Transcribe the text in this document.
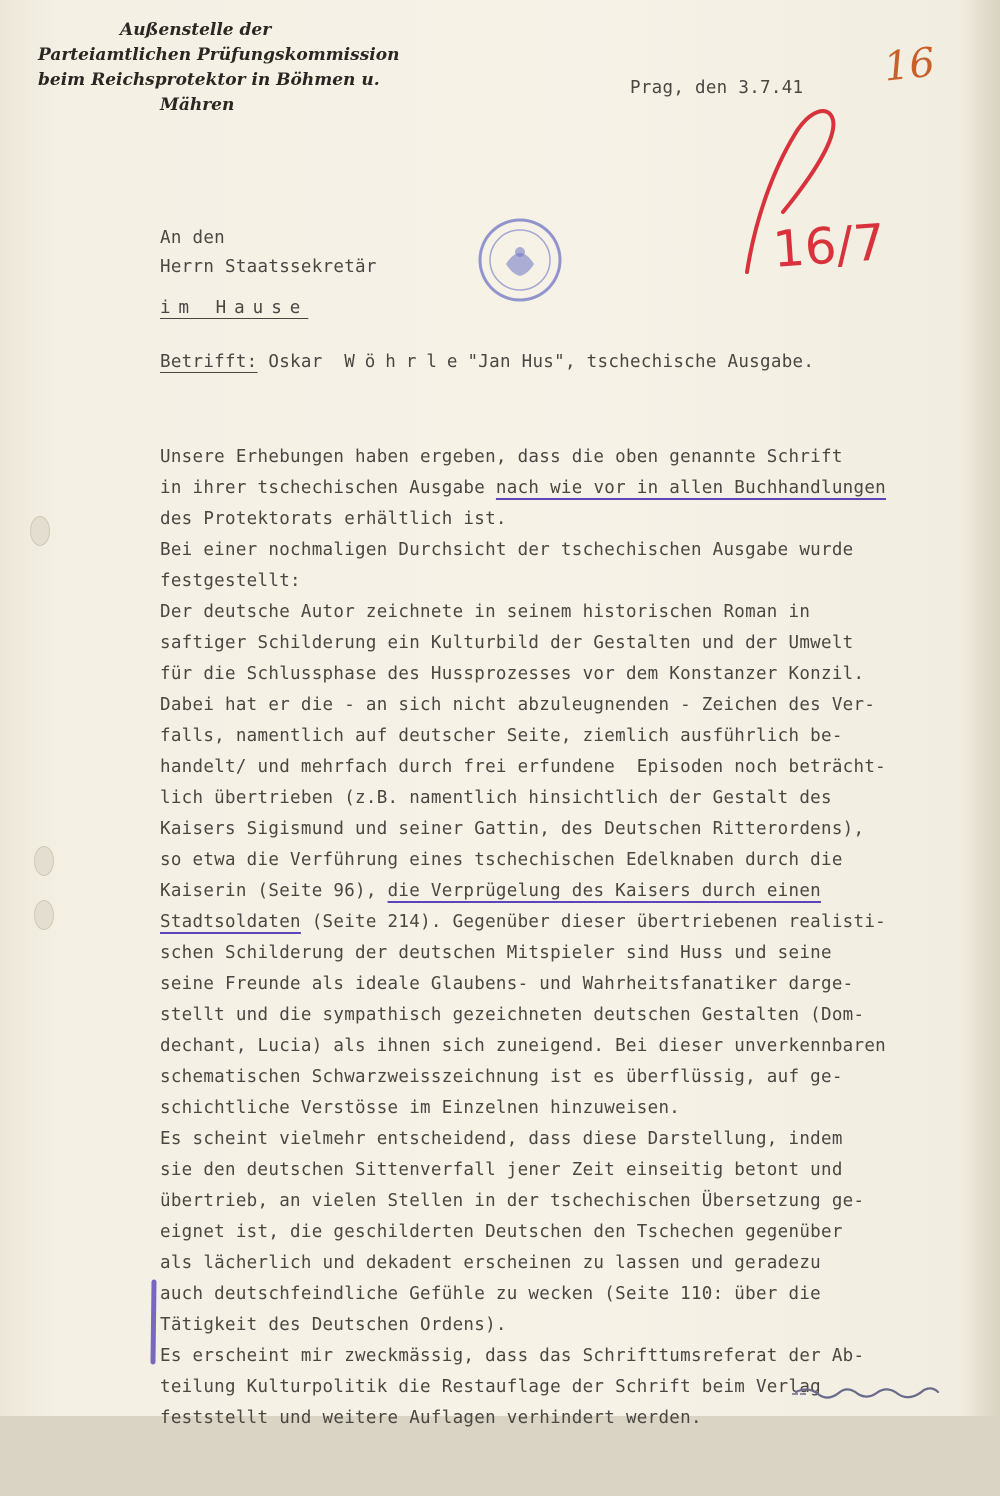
Außenstelle der
Parteiamtlichen Prüfungskommission
beim Reichsprotektor in Böhmen u.
Mähren
Prag, den 3.7.41 16
16/7
An den
Herrn Staatssekretär
im Hause
Betrifft: Oskar Wöhrle"Jan Hus", tschechische Ausgabe.

Unsere Erhebungen haben ergeben, dass die oben genannte Schrift
in ihrer tschechischen Ausgabe nach wie vor in allen Buchhandlungen
des Protektorats erhältlich ist.
Bei einer nochmaligen Durchsicht der tschechischen Ausgabe wurde
festgestellt:
Der deutsche Autor zeichnete in seinem historischen Roman in
saftiger Schilderung ein Kulturbild der Gestalten und der Umwelt
für die Schlussphase des Hussprozesses vor dem Konstanzer Konzil.
Dabei hat er die - an sich nicht abzuleugnenden - Zeichen des Ver-
falls, namentlich auf deutscher Seite, ziemlich ausführlich be-
handelt/ und mehrfach durch frei erfundene  Episoden noch beträcht-
lich übertrieben (z.B. namentlich hinsichtlich der Gestalt des
Kaisers Sigismund und seiner Gattin, des Deutschen Ritterordens),
so etwa die Verführung eines tschechischen Edelknaben durch die
Kaiserin (Seite 96), die Verprügelung des Kaisers durch einen
Stadtsoldaten (Seite 214). Gegenüber dieser übertriebenen realisti-
schen Schilderung der deutschen Mitspieler sind Huss und seine
seine Freunde als ideale Glaubens- und Wahrheitsfanatiker darge-
stellt und die sympathisch gezeichneten deutschen Gestalten (Dom-
dechant, Lucia) als ihnen sich zuneigend. Bei dieser unverkennbaren
schematischen Schwarzweisszeichnung ist es überflüssig, auf ge-
schichtliche Verstösse im Einzelnen hinzuweisen.
Es scheint vielmehr entscheidend, dass diese Darstellung, indem
sie den deutschen Sittenverfall jener Zeit einseitig betont und
übertrieb, an vielen Stellen in der tschechischen Übersetzung ge-
eignet ist, die geschilderten Deutschen den Tschechen gegenüber
als lächerlich und dekadent erscheinen zu lassen und geradezu
auch deutschfeindliche Gefühle zu wecken (Seite 110: über die
Tätigkeit des Deutschen Ordens).
Es erscheint mir zweckmässig, dass das Schrifttumsreferat der Ab-
teilung Kulturpolitik die Restauflage der Schrift beim Verlag
feststellt und weitere Auflagen verhindert werden.
